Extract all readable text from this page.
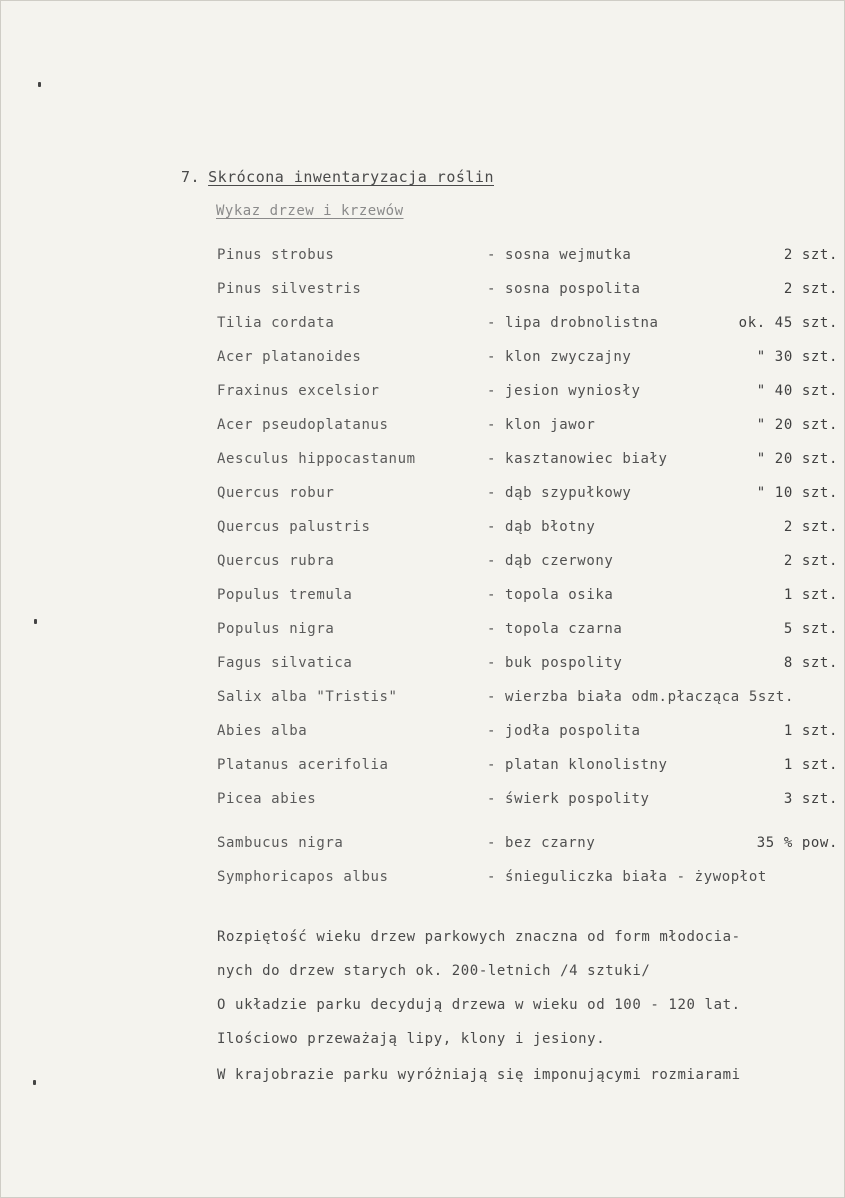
7. Skrócona inwentaryzacja roślin
Wykaz drzew i krzewów
Pinus strobus	- sosna wejmutka	2 szt.
Pinus silvestris	- sosna pospolita	2 szt.
Tilia cordata	- lipa drobnolistna	ok. 45 szt.
Acer platanoides	- klon zwyczajny	" 30 szt.
Fraxinus excelsior	- jesion wyniosły	" 40 szt.
Acer pseudoplatanus	- klon jawor	" 20 szt.
Aesculus hippocastanum	- kasztanowiec biały	" 20 szt.
Quercus robur	- dąb szypułkowy	" 10 szt.
Quercus palustris	- dąb błotny	2 szt.
Quercus rubra	- dąb czerwony	2 szt.
Populus tremula	- topola osika	1 szt.
Populus nigra	- topola czarna	5 szt.
Fagus silvatica	- buk pospolity	8 szt.
Salix alba "Tristis"	- wierzba biała odm.płacząca 5szt.
Abies alba	- jodła pospolita	1 szt.
Platanus acerifolia	- platan klonolistny	1 szt.
Picea abies	- świerk pospolity	3 szt.
Sambucus nigra	- bez czarny	35 % pow.
Symphoricapos albus	- śnieguliczka biała - żywopłot
Rozpiętość wieku drzew parkowych znaczna od form młodocia-
nych do drzew starych ok. 200-letnich /4 sztuki/
O układzie parku decydują drzewa w wieku od 100 - 120 lat.
Ilościowo przeważają lipy, klony i jesiony.
W krajobrazie parku wyróżniają się imponującymi rozmiarami
